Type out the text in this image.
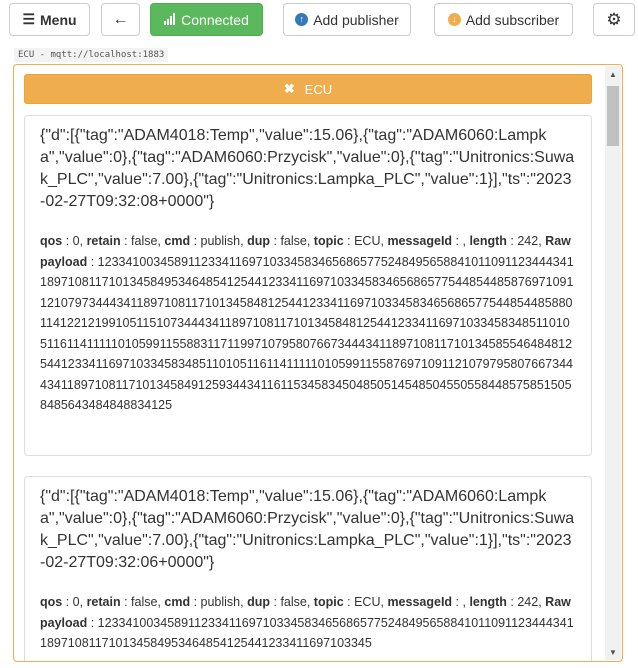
☰ Menu ←	Connected	↑ Add publisher	↓ Add subscriber	⚙
ECU - mqtt://localhost:1883
✖ ECU

{"d":[{"tag":"ADAM4018:Temp","value":15.06},{"tag":"ADAM6060:Lampka","value":0},{"tag":"ADAM6060:Przycisk","value":0},{"tag":"Unitronics:Suwak_PLC","value":7.00},{"tag":"Unitronics:Lampka_PLC","value":1}],"ts":"2023-02-27T09:32:08+0000"}

qos : 0, retain : false, cmd : publish, dup : false, topic : ECU, messageId : , length : 242, Raw payload : 123341003458911233411697103345834656865775248495658841011091123444341189710811710134584953464854125441233411697103345834656865775448544858769710911210797344434118971081171013458481254412334116971033458346568657754485448588011412212199105115107344434118971081171013458481254412334116971033458348511010511611411111010599115588311711997107958076673444341189710811710134585546484812544123341169710334583485110105116114111110105991155876971091121079795807667344434118971081171013458491259344341161153458345048505145485045505584485758515058485643484848834125

{"d":[{"tag":"ADAM4018:Temp","value":15.06},{"tag":"ADAM6060:Lampka","value":0},{"tag":"ADAM6060:Przycisk","value":0},{"tag":"Unitronics:Suwak_PLC","value":7.00},{"tag":"Unitronics:Lampka_PLC","value":1}],"ts":"2023-02-27T09:32:06+0000"}

qos : 0, retain : false, cmd : publish, dup : false, topic : ECU, messageId : , length : 242, Raw payload : 123341003458911233411697103345834656865775248495658841011091123444341189710811710134584953464854125441233411697103345

▲
▼
